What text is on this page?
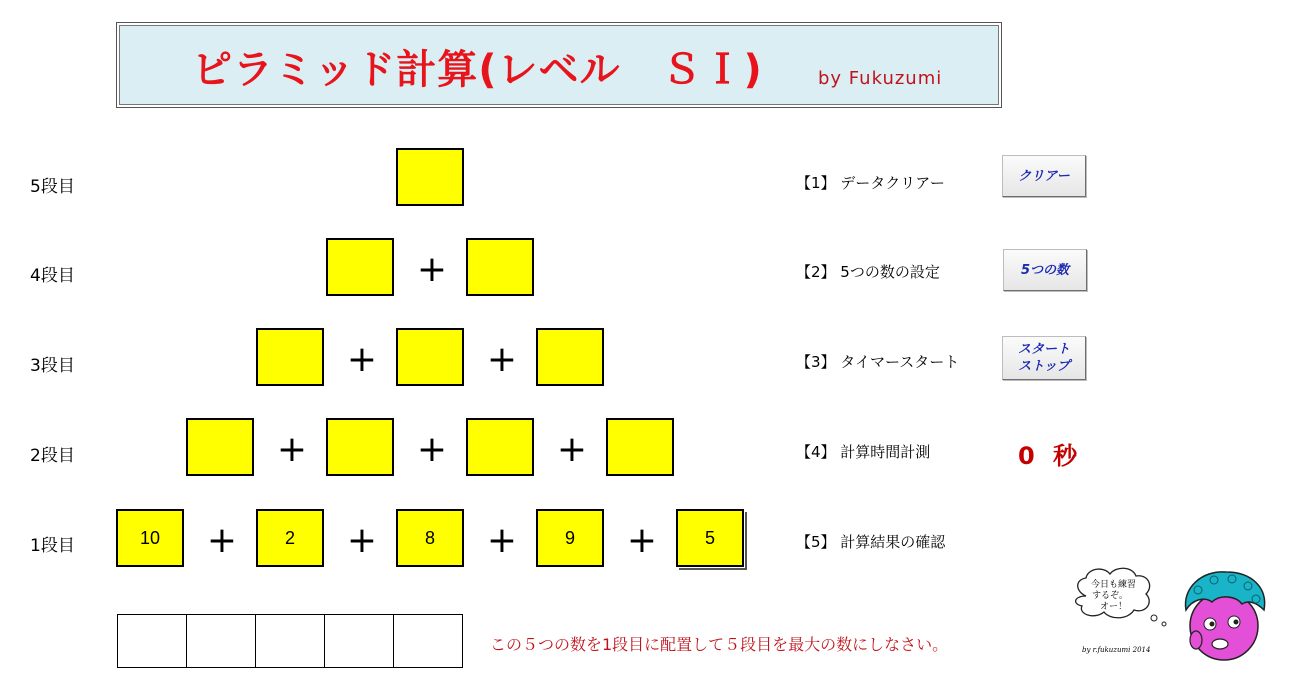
ピラミッド計算(レベル　ＳＩ)	by Fukuzumi
5段目
4段目
3段目
2段目
1段目
+
+	+
+	+	+
10	+	2	+	8	+	9	+	5
【1】 データクリアー
【2】 5つの数の設定
【3】 タイマースタート
【4】 計算時間計測
【5】 計算結果の確認
クリアー
5つの数
スタート
ストップ
0 秒
この５つの数を1段目に配置して５段目を最大の数にしなさい。
今日も練習
するぞ。
オー！
by r.fukuzumi 2014
